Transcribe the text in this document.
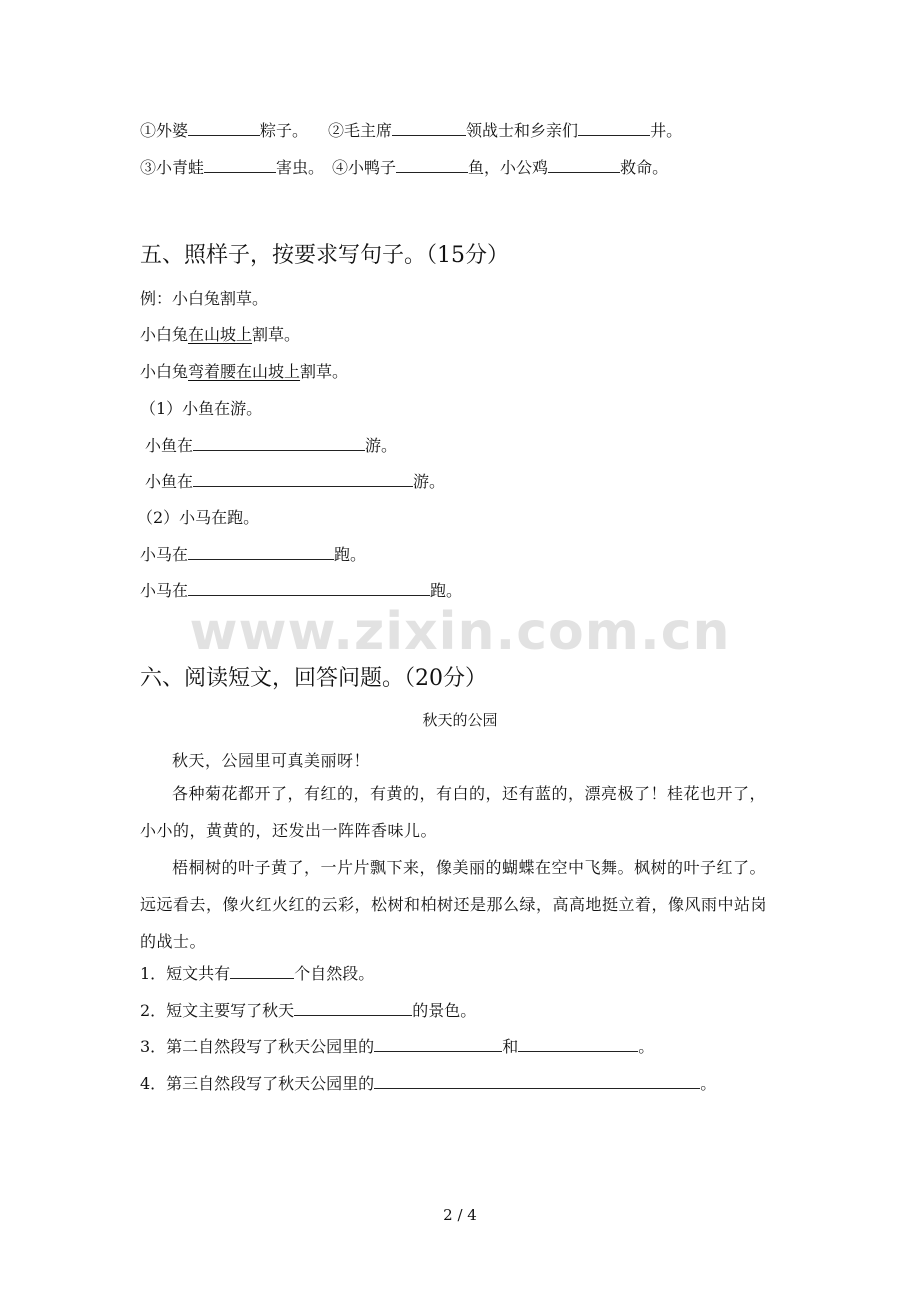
①外婆	粽子。 ②毛主席	领战士和乡亲们	井。
③小青蛙	害虫。 ④小鸭子	鱼，小公鸡	救命。
五、照样子，按要求写句子。（15分）
例：小白兔割草。
小白兔在山坡上割草。
小白兔弯着腰在山坡上割草。
（1）小鱼在游。
小鱼在	游。
小鱼在	游。
（2）小马在跑。
小马在	跑。
小马在	跑。
www.zixin.com.cn
六、阅读短文，回答问题。（20分）
秋天的公园
秋天，公园里可真美丽呀！
各种菊花都开了，有红的，有黄的，有白的，还有蓝的，漂亮极了！桂花也开了，小小的，黄黄的，还发出一阵阵香味儿。
梧桐树的叶子黄了，一片片飘下来，像美丽的蝴蝶在空中飞舞。枫树的叶子红了。远远看去，像火红火红的云彩，松树和柏树还是那么绿，高高地挺立着，像风雨中站岗的战士。
1．短文共有	个自然段。
2．短文主要写了秋天	的景色。
3．第二自然段写了秋天公园里的	和	。
4．第三自然段写了秋天公园里的	。
2 / 4
